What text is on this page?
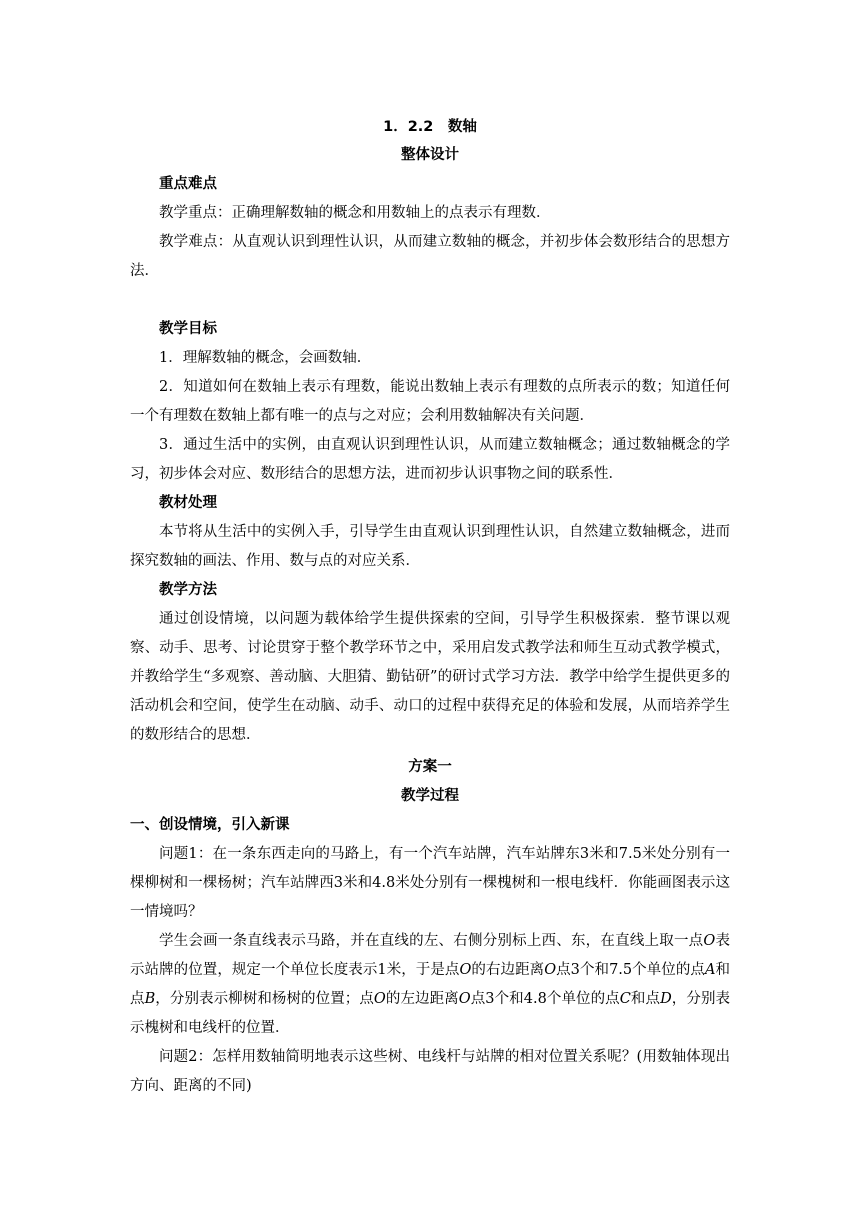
1．2.2　数轴
整体设计
重点难点

教学重点：正确理解数轴的概念和用数轴上的点表示有理数．

教学难点：从直观认识到理性认识，从而建立数轴的概念，并初步体会数形结合的思想方法．

教学目标

1．理解数轴的概念，会画数轴．

2．知道如何在数轴上表示有理数，能说出数轴上表示有理数的点所表示的数；知道任何一个有理数在数轴上都有唯一的点与之对应；会利用数轴解决有关问题．

3．通过生活中的实例，由直观认识到理性认识，从而建立数轴概念；通过数轴概念的学习，初步体会对应、数形结合的思想方法，进而初步认识事物之间的联系性．

教材处理

本节将从生活中的实例入手，引导学生由直观认识到理性认识，自然建立数轴概念，进而探究数轴的画法、作用、数与点的对应关系．

教学方法

通过创设情境，以问题为载体给学生提供探索的空间，引导学生积极探索．整节课以观察、动手、思考、讨论贯穿于整个教学环节之中，采用启发式教学法和师生互动式教学模式，并教给学生“多观察、善动脑、大胆猜、勤钻研”的研讨式学习方法．教学中给学生提供更多的活动机会和空间，使学生在动脑、动手、动口的过程中获得充足的体验和发展，从而培养学生的数形结合的思想．

方案一
教学过程
一、创设情境，引入新课

问题1：在一条东西走向的马路上，有一个汽车站牌，汽车站牌东3米和7.5米处分别有一棵柳树和一棵杨树；汽车站牌西3米和4.8米处分别有一棵槐树和一根电线杆．你能画图表示这一情境吗？

学生会画一条直线表示马路，并在直线的左、右侧分别标上西、东，在直线上取一点O表示站牌的位置，规定一个单位长度表示1米，于是点O的右边距离O点3个和7.5个单位的点A和点B，分别表示柳树和杨树的位置；点O的左边距离O点3个和4.8个单位的点C和点D，分别表示槐树和电线杆的位置．

问题2：怎样用数轴简明地表示这些树、电线杆与站牌的相对位置关系呢？(用数轴体现出方向、距离的不同)
